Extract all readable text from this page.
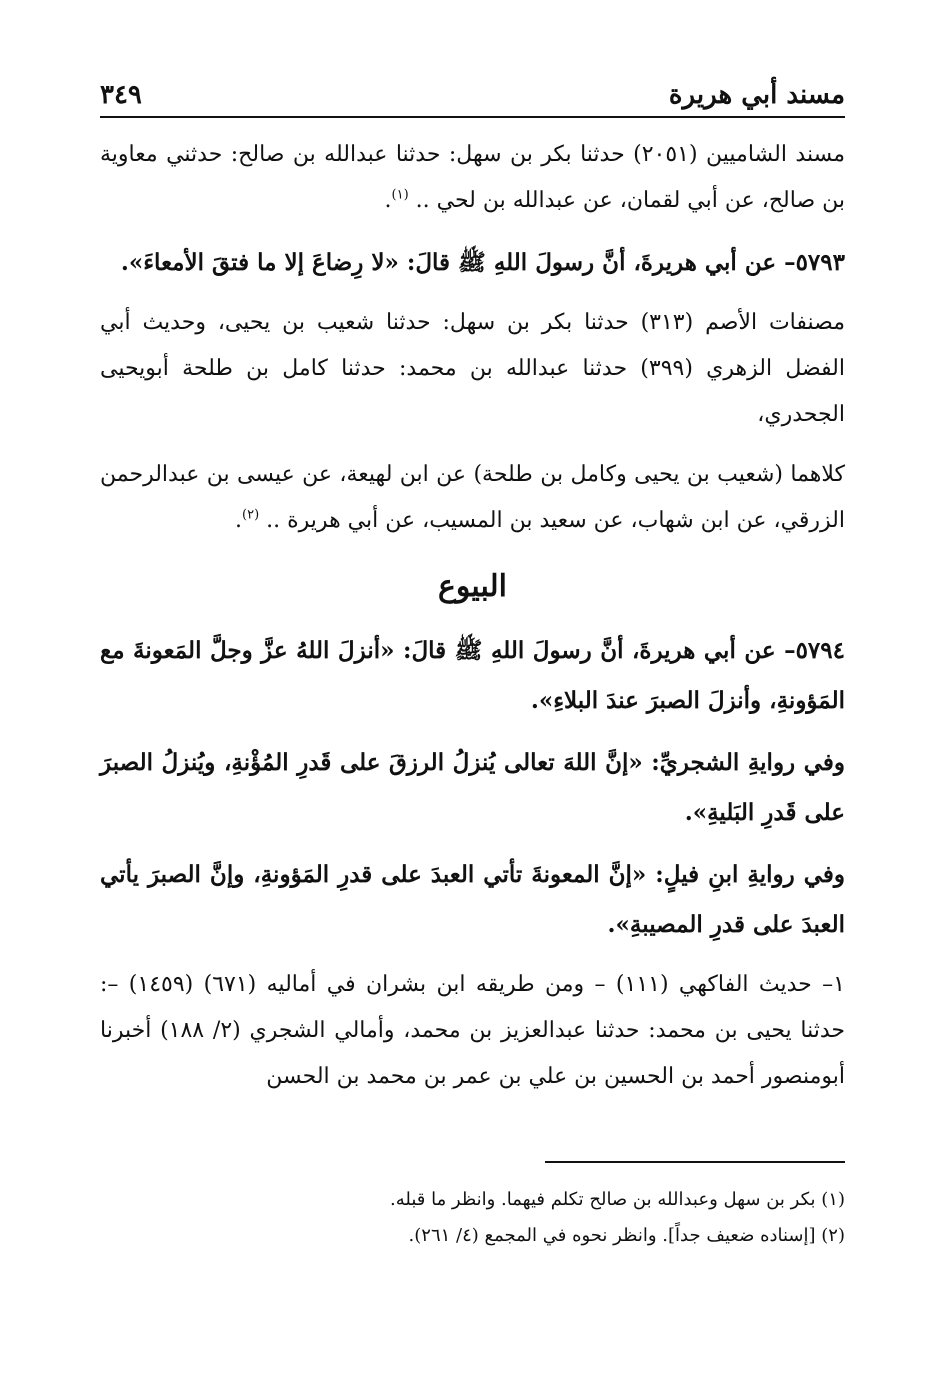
مسند أبي هريرة
٣٤٩

مسند الشاميين (٢٠٥١) حدثنا بكر بن سهل: حدثنا عبدالله بن صالح: حدثني معاوية بن صالح، عن أبي لقمان، عن عبدالله بن لحي .. $^{(١)}$.

٥٧٩٣– عن أبي هريرةَ، أنَّ رسولَ اللهِ ﷺ قالَ: «لا رِضاعَ إلا ما فتقَ الأمعاءَ».

مصنفات الأصم (٣١٣) حدثنا بكر بن سهل: حدثنا شعيب بن يحيى، وحديث أبي الفضل الزهري (٣٩٩) حدثنا عبدالله بن محمد: حدثنا كامل بن طلحة أبويحيى الجحدري،

كلاهما (شعيب بن يحيى وكامل بن طلحة) عن ابن لهيعة، عن عيسى بن عبدالرحمن الزرقي، عن ابن شهاب، عن سعيد بن المسيب، عن أبي هريرة .. $^{(٢)}$.

البيوع

٥٧٩٤– عن أبي هريرةَ، أنَّ رسولَ اللهِ ﷺ قالَ: «أنزلَ اللهُ عزَّ وجلَّ المَعونةَ مع المَؤونةِ، وأنزلَ الصبرَ عندَ البلاءِ».

وفي روايةِ الشجريِّ: «إنَّ اللهَ تعالى يُنزلُ الرزقَ على قَدرِ المُؤْنةِ، ويُنزلُ الصبرَ على قَدرِ البَليةِ».

وفي روايةِ ابنِ فيلٍ: «إنَّ المعونةَ تأتي العبدَ على قدرِ المَؤونةِ، وإنَّ الصبرَ يأتي العبدَ على قدرِ المصيبةِ».

١– حديث الفاكهي (١١١) – ومن طريقه ابن بشران في أماليه (٦٧١) (١٤٥٩) –: حدثنا يحيى بن محمد: حدثنا عبدالعزيز بن محمد، وأمالي الشجري (٢/ ١٨٨) أخبرنا أبومنصور أحمد بن الحسين بن علي بن عمر بن محمد بن الحسن

(١) بكر بن سهل وعبدالله بن صالح تكلم فيهما. وانظر ما قبله.

(٢) [إسناده ضعيف جداً]. وانظر نحوه في المجمع (٤/ ٢٦١).
